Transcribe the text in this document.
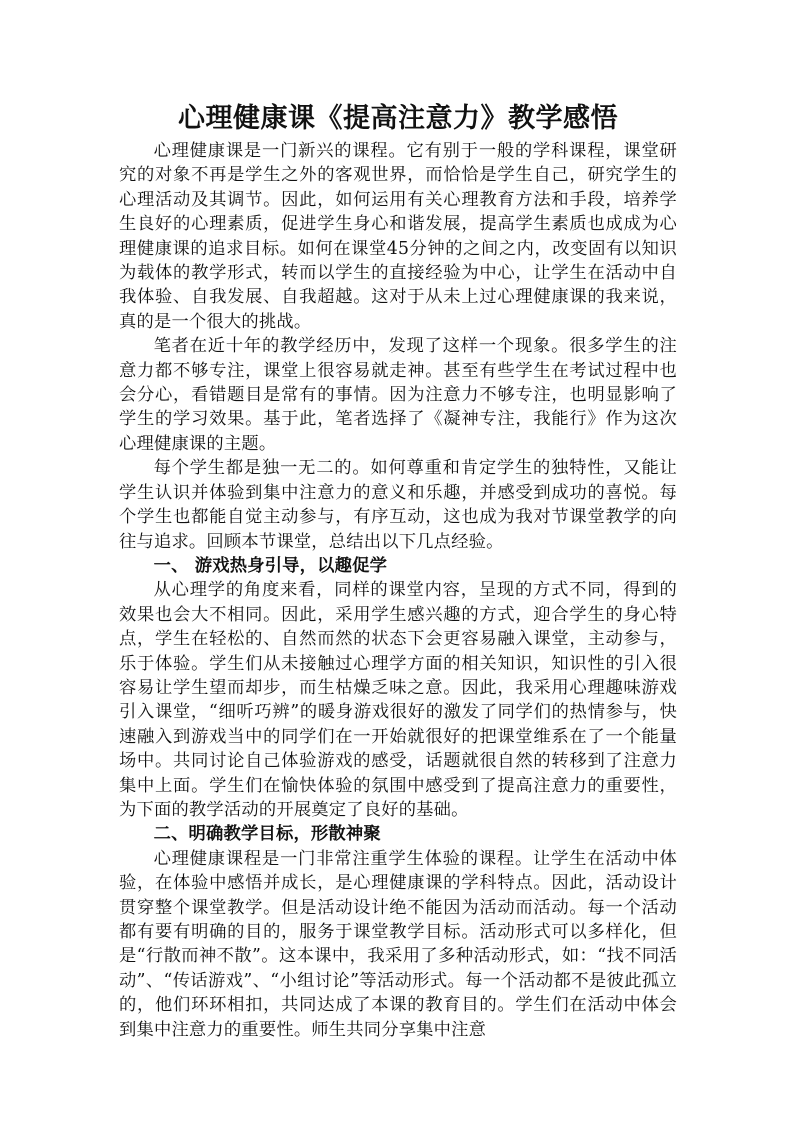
心理健康课《提高注意力》教学感悟

心理健康课是一门新兴的课程。它有别于一般的学科课程，课堂研究的对象不再是学生之外的客观世界，而恰恰是学生自己，研究学生的心理活动及其调节。因此，如何运用有关心理教育方法和手段，培养学生良好的心理素质，促进学生身心和谐发展，提高学生素质也成成为心理健康课的追求目标。如何在课堂45分钟的之间之内，改变固有以知识为载体的教学形式，转而以学生的直接经验为中心，让学生在活动中自我体验、自我发展、自我超越。这对于从未上过心理健康课的我来说，真的是一个很大的挑战。

笔者在近十年的教学经历中，发现了这样一个现象。很多学生的注意力都不够专注，课堂上很容易就走神。甚至有些学生在考试过程中也会分心，看错题目是常有的事情。因为注意力不够专注，也明显影响了学生的学习效果。基于此，笔者选择了《凝神专注，我能行》作为这次心理健康课的主题。

每个学生都是独一无二的。如何尊重和肯定学生的独特性，又能让学生认识并体验到集中注意力的意义和乐趣，并感受到成功的喜悦。每个学生也都能自觉主动参与，有序互动，这也成为我对节课堂教学的向往与追求。回顾本节课堂，总结出以下几点经验。

一、 游戏热身引导，以趣促学

从心理学的角度来看，同样的课堂内容，呈现的方式不同，得到的效果也会大不相同。因此，采用学生感兴趣的方式，迎合学生的身心特点，学生在轻松的、自然而然的状态下会更容易融入课堂，主动参与，乐于体验。学生们从未接触过心理学方面的相关知识，知识性的引入很容易让学生望而却步，而生枯燥乏味之意。因此，我采用心理趣味游戏引入课堂，“细听巧辨”的暖身游戏很好的激发了同学们的热情参与，快速融入到游戏当中的同学们在一开始就很好的把课堂维系在了一个能量场中。共同讨论自己体验游戏的感受，话题就很自然的转移到了注意力集中上面。学生们在愉快体验的氛围中感受到了提高注意力的重要性，为下面的教学活动的开展奠定了良好的基础。

二、明确教学目标，形散神聚

心理健康课程是一门非常注重学生体验的课程。让学生在活动中体验，在体验中感悟并成长，是心理健康课的学科特点。因此，活动设计贯穿整个课堂教学。但是活动设计绝不能因为活动而活动。每一个活动都有要有明确的目的，服务于课堂教学目标。活动形式可以多样化，但是“行散而神不散”。这本课中，我采用了多种活动形式，如：“找不同活动”、“传话游戏”、“小组讨论”等活动形式。每一个活动都不是彼此孤立的，他们环环相扣，共同达成了本课的教育目的。学生们在活动中体会到集中注意力的重要性。师生共同分享集中注意
